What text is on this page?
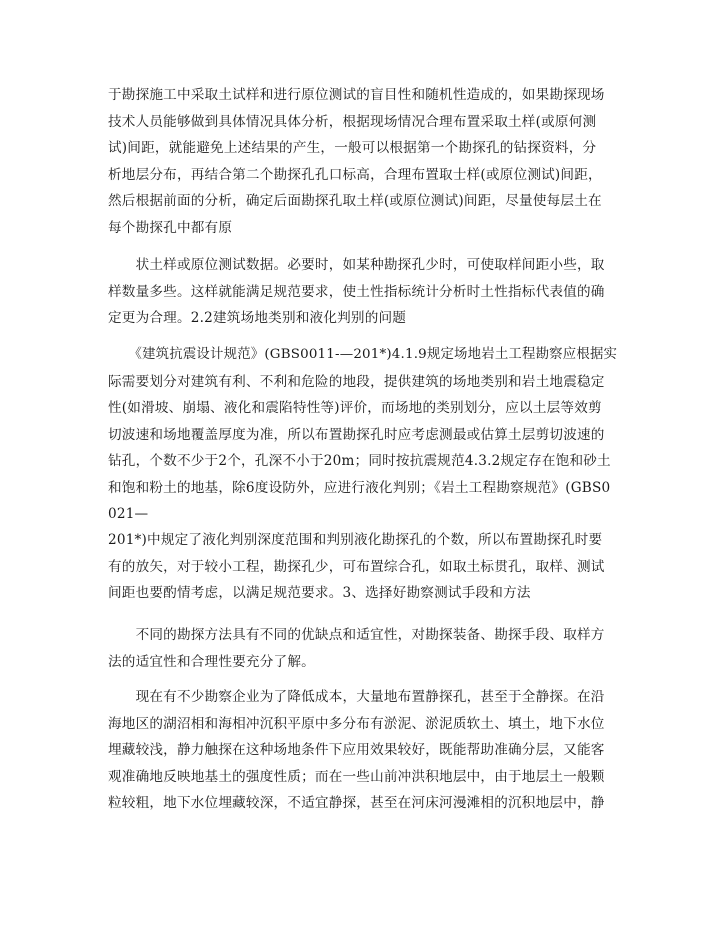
于勘探施工中采取土试样和进行原位测试的盲目性和随机性造成的，如果勘探现场
技术人员能够做到具体情况具体分析，根据现场情况合理布置采取土样(或原何测
试)间距，就能避免上述结果的产生，一般可以根据第一个勘探孔的钻探资料，分
析地层分布，再结合第二个勘探孔孔口标高，合理布置取士样(或原位测试)间距，
然后根据前面的分析，确定后面勘探孔取土样(或原位测试)间距，尽量使每层土在
每个勘探孔中都有原
　　状土样或原位测试数据。必要时，如某种勘探孔少时，可使取样间距小些，取
样数量多些。这样就能满足规范要求，使土性指标统计分析时土性指标代表值的确
定更为合理。2.2建筑场地类别和液化判别的问题
　　《建筑抗震设计规范》(GBS0011-—201*)4.1.9规定场地岩土工程勘察应根据实
际需要划分对建筑有利、不利和危险的地段，提供建筑的场地类别和岩土地震稳定
性(如滑坡、崩塌、液化和震陷特性等)评价，而场地的类别划分，应以土层等效剪
切波速和场地覆盖厚度为准，所以布置勘探孔时应考虑测最或估算土层剪切波速的
钻孔，个数不少于2个，孔深不小于20m；同时按抗震规范4.3.2规定存在饱和砂土
和饱和粉土的地基，除6度设防外，应进行液化判别；《岩土工程勘察规范》(GBS0
021—
201*)中规定了液化判别深度范围和判别液化勘探孔的个数，所以布置勘探孔时要
有的放矢，对于较小工程，勘探孔少，可布置综合孔，如取土标贯孔，取样、测试
间距也要酌情考虑，以满足规范要求。3、选择好勘察测试手段和方法
　　不同的勘探方法具有不同的优缺点和适宜性，对勘探装备、勘探手段、取样方
法的适宜性和合理性要充分了解。
　　现在有不少勘察企业为了降低成本，大量地布置静探孔，甚至于全静探。在沿
海地区的湖沼相和海相冲沉积平原中多分布有淤泥、淤泥质软土、填土，地下水位
埋藏较浅，静力触探在这种场地条件下应用效果较好，既能帮助准确分层，又能客
观准确地反映地基土的强度性质；而在一些山前冲洪积地层中，由于地层土一般颗
粒较粗，地下水位埋藏较深，不适宜静探，甚至在河床河漫滩相的沉积地层中，静
